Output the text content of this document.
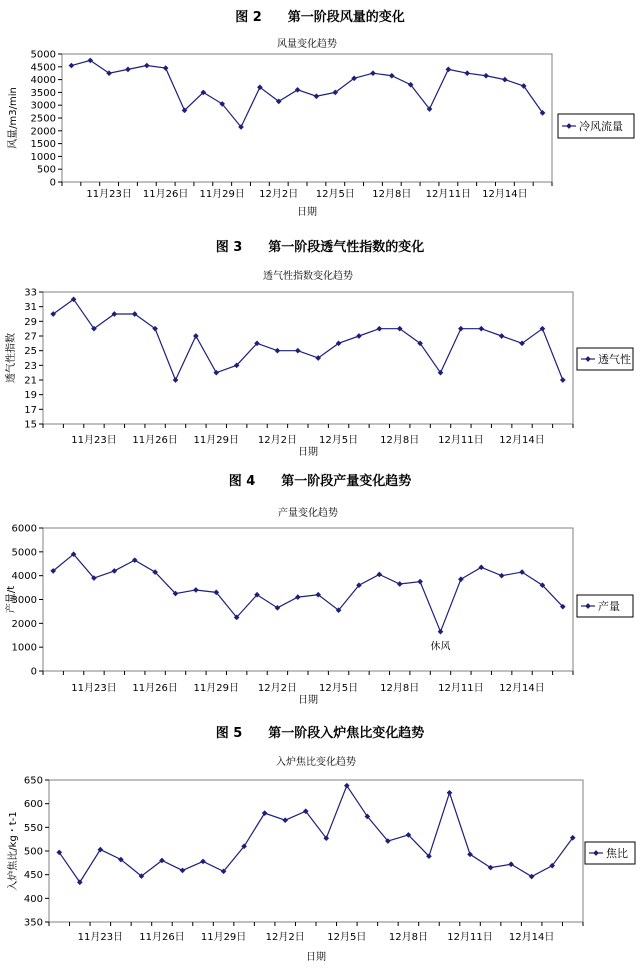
图 2　　第一阶段风量的变化
图 3　　第一阶段透气性指数的变化
图 4　　第一阶段产量变化趋势
图 5　　第一阶段入炉焦比变化趋势
风量变化趋势
0
500
1000
1500
2000
2500
3000
3500
4000
4500
5000
11月23日 11月26日 11月29日 12月2日 12月5日 12月8日 12月11日 12月14日
日期
风量/m3/min	冷风流量
透气性指数变化趋势
15
17
19
21
23
25
27
29
31
33
11月23日 11月26日 11月29日 12月2日 12月5日 12月8日 12月11日 12月14日
日期
透气性指数	透气性
产量变化趋势
0
1000
2000
3000
4000
5000
6000
11月23日 11月26日 11月29日 12月2日 12月5日 12月8日 12月11日 12月14日
日期
产量/t	产量
休风
入炉焦比变化趋势
350
400
450
500
550
600
650
11月23日 11月26日 11月29日 12月2日 12月5日 12月8日 12月11日 12月14日
日期
入炉焦比/kg・t-1	焦比
